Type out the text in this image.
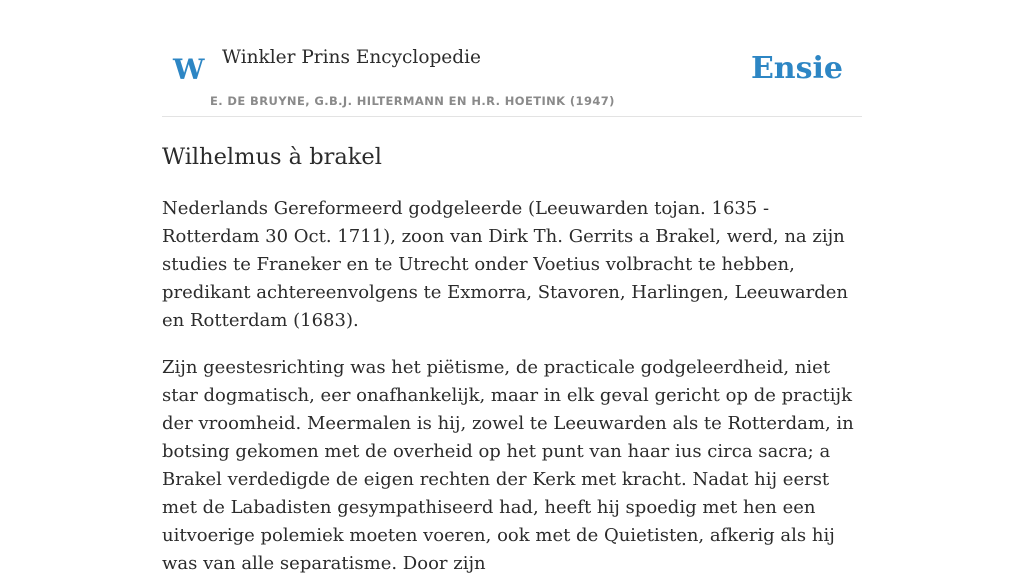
W Winkler Prins Encyclopedie
E. DE BRUYNE, G.B.J. HILTERMANN EN H.R. HOETINK (1947)
Ensie
Wilhelmus à brakel

Nederlands Gereformeerd godgeleerde (Leeuwarden tojan. 1635 - Rotterdam 30 Oct. 1711), zoon van Dirk Th. Gerrits a Brakel, werd, na zijn studies te Franeker en te Utrecht onder Voetius volbracht te hebben, predikant achtereenvolgens te Exmorra, Stavoren, Harlingen, Leeuwarden en Rotterdam (1683).

Zijn geestesrichting was het piëtisme, de practicale godgeleerdheid, niet star dogmatisch, eer onafhankelijk, maar in elk geval gericht op de practijk der vroomheid. Meermalen is hij, zowel te Leeuwarden als te Rotterdam, in botsing gekomen met de overheid op het punt van haar ius circa sacra; a Brakel verdedigde de eigen rechten der Kerk met kracht. Nadat hij eerst met de Labadisten gesympathiseerd had, heeft hij spoedig met hen een uitvoerige polemiek moeten voeren, ook met de Quietisten, afkerig als hij was van alle separatisme. Door zijn
